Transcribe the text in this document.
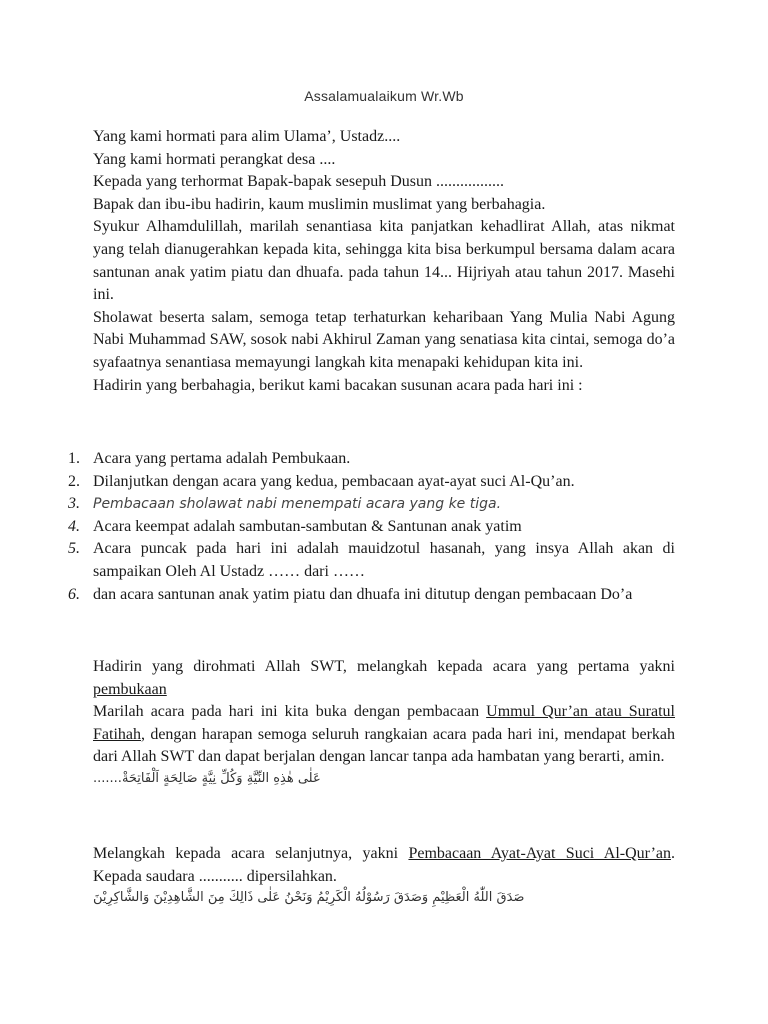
Assalamualaikum Wr.Wb

Yang kami hormati para alim Ulama’, Ustadz....

Yang kami hormati perangkat desa ....

Kepada yang terhormat Bapak-bapak sesepuh Dusun .................

Bapak dan ibu-ibu hadirin, kaum muslimin muslimat yang berbahagia.

Syukur Alhamdulillah, marilah senantiasa kita panjatkan kehadlirat Allah, atas nikmat yang telah dianugerahkan kepada kita, sehingga kita bisa berkumpul bersama dalam acara santunan anak yatim piatu dan dhuafa. pada tahun 14... Hijriyah atau tahun 2017. Masehi ini.

Sholawat beserta salam, semoga tetap terhaturkan keharibaan Yang Mulia Nabi Agung Nabi Muhammad SAW, sosok nabi Akhirul Zaman yang senatiasa kita cintai, semoga do’a syafaatnya senantiasa memayungi langkah kita menapaki kehidupan kita ini.

Hadirin yang berbahagia, berikut kami bacakan susunan acara pada hari ini :

1. Acara yang pertama adalah Pembukaan.
2. Dilanjutkan dengan acara yang kedua, pembacaan ayat-ayat suci Al-Qu’an.
3. Pembacaan sholawat nabi menempati acara yang ke tiga.
4. Acara keempat adalah sambutan-sambutan & Santunan anak yatim
5. Acara puncak pada hari ini adalah mauidzotul hasanah, yang insya Allah akan di sampaikan Oleh Al Ustadz …… dari ……
6. dan acara santunan anak yatim piatu dan dhuafa ini ditutup dengan pembacaan Do’a

Hadirin yang dirohmati Allah SWT, melangkah kepada acara yang pertama yakni pembukaan

Marilah acara pada hari ini kita buka dengan pembacaan Ummul Qur’an atau Suratul Fatihah, dengan harapan semoga seluruh rangkaian acara pada hari ini, mendapat berkah dari Allah SWT dan dapat berjalan dengan lancar tanpa ada hambatan yang berarti, amin.

عَلٰى هٰذِهِ النِّيَّةِ وَكُلِّ نِيَّةٍ صَالِحَةٍ اَلْفَاتِحَةْ.......

Melangkah kepada acara selanjutnya, yakni Pembacaan Ayat-Ayat Suci Al-Qur’an. Kepada saudara ........... dipersilahkan.

صَدَقَ اللّٰهُ الْعَظِيْمِ وَصَدَقَ رَسُوْلُهُ الْكَرِيْمُ وَنَحْنُ عَلٰى ذَالِكَ مِنَ الشَّاهِدِيْنَ وَالشَّاكِرِيْنَ
